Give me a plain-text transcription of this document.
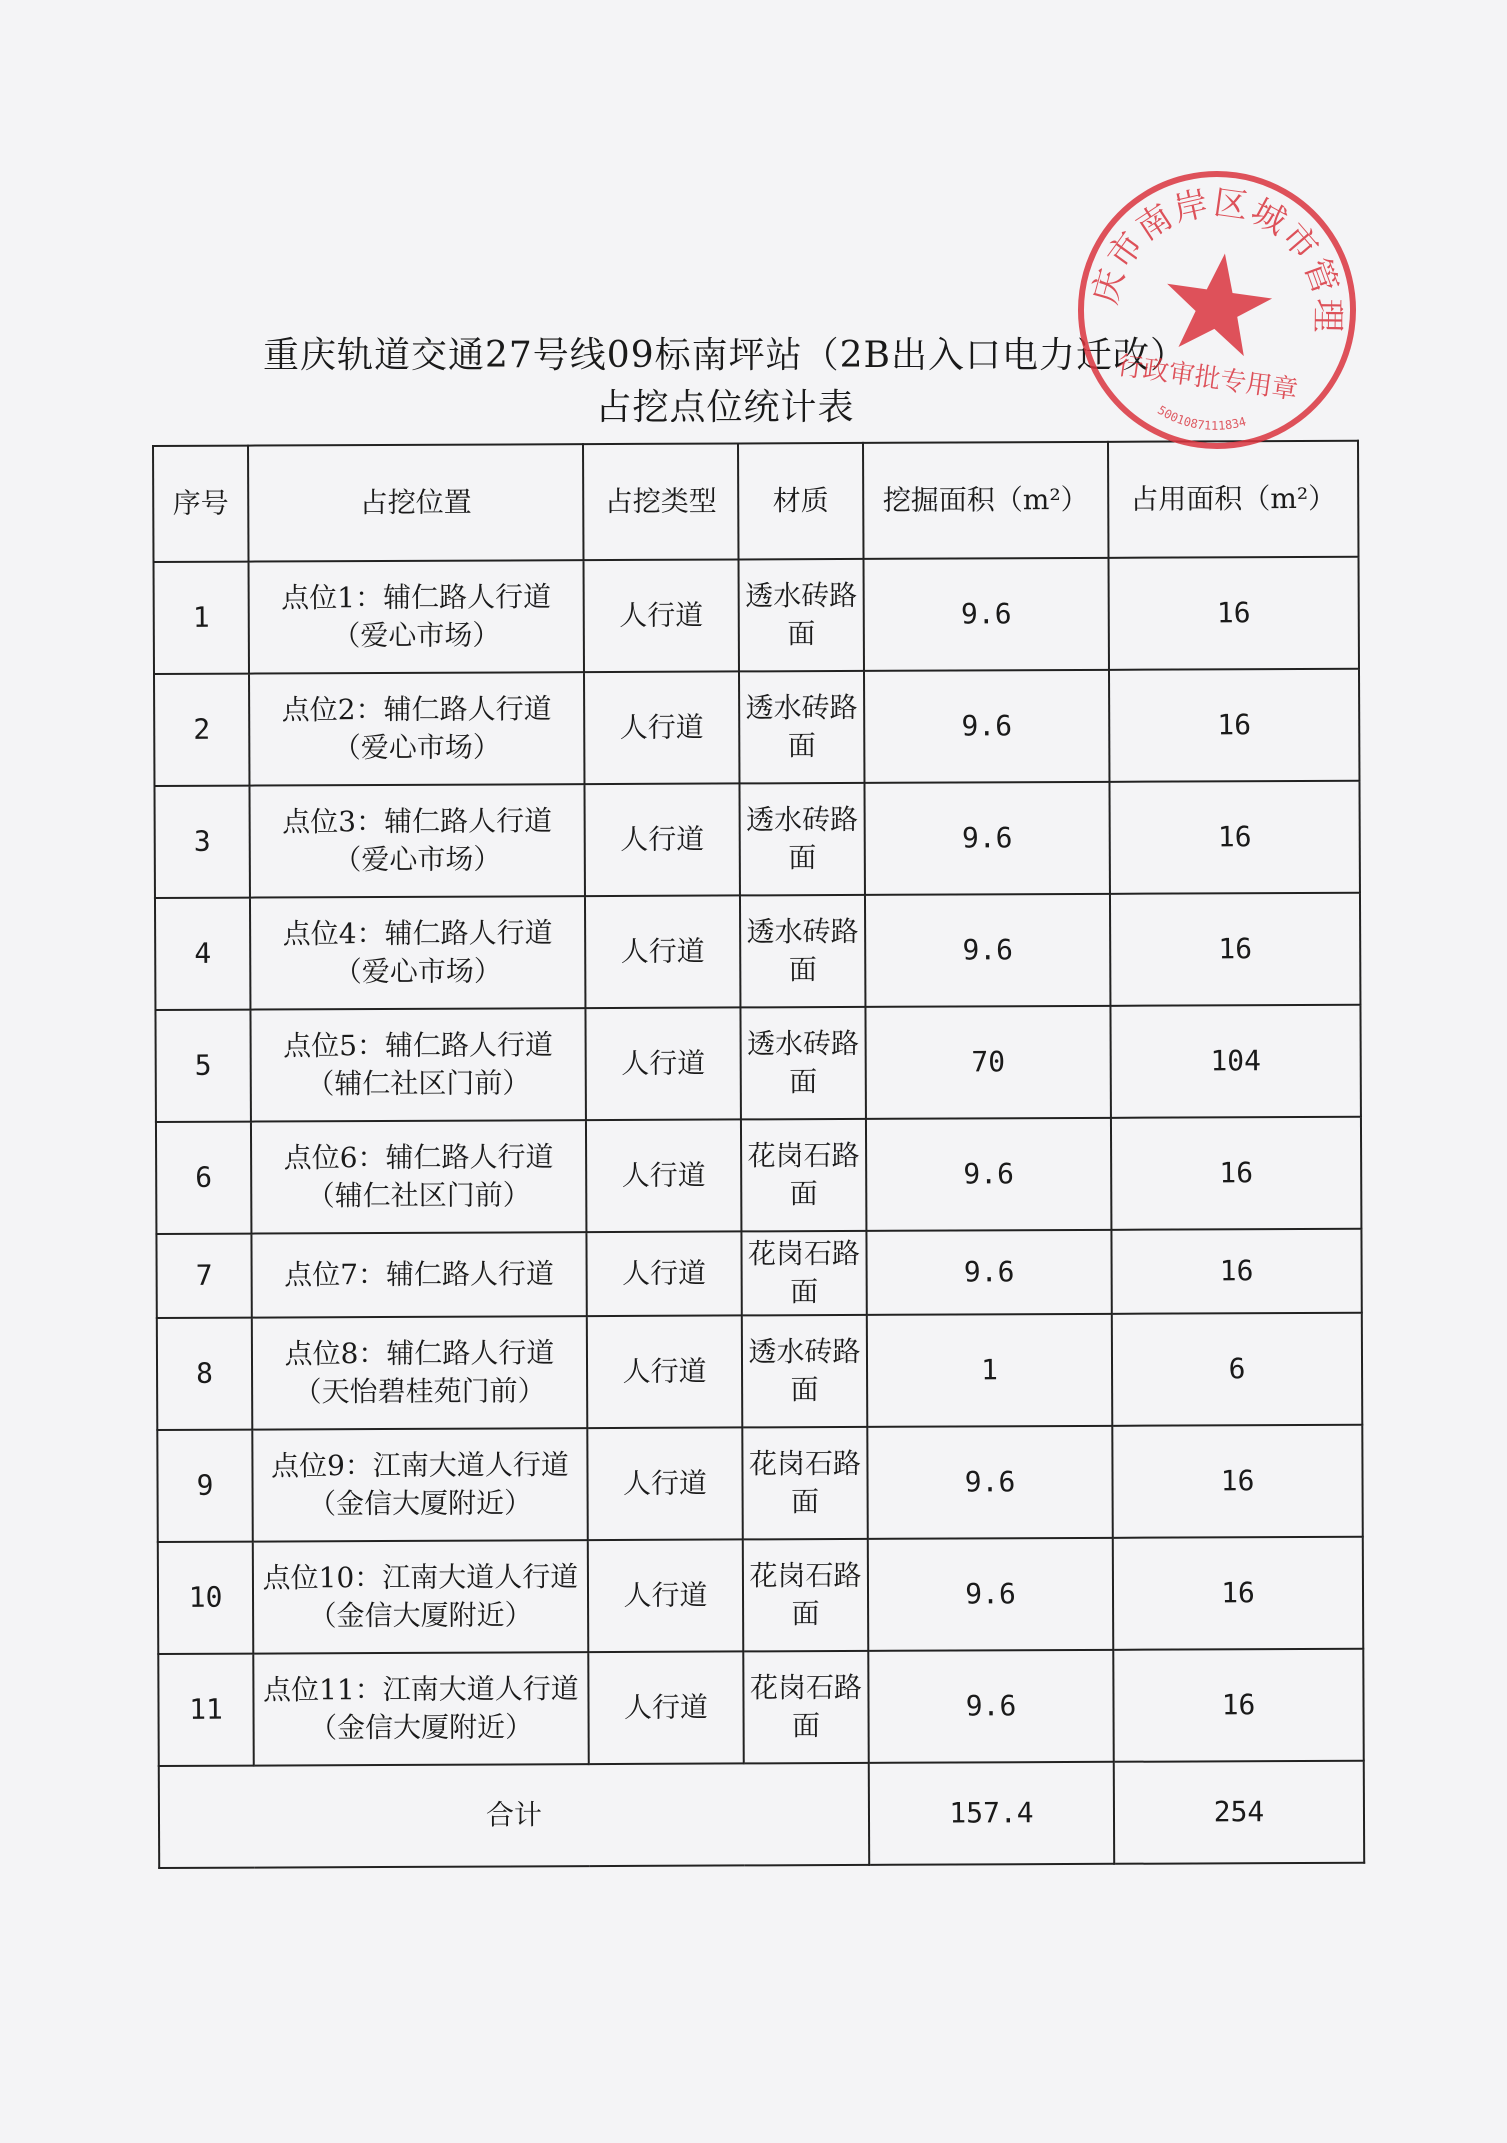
重庆轨道交通27号线09标南坪站（2B出入口电力迁改）
占挖点位统计表
序号	占挖位置	占挖类型	材质	挖掘面积（m²）	占用面积（m²）
1	点位1：辅仁路人行道（爱心市场）	人行道	透水砖路面	9.6	16
2	点位2：辅仁路人行道（爱心市场）	人行道	透水砖路面	9.6	16
3	点位3：辅仁路人行道（爱心市场）	人行道	透水砖路面	9.6	16
4	点位4：辅仁路人行道（爱心市场）	人行道	透水砖路面	9.6	16
5	点位5：辅仁路人行道（辅仁社区门前）	人行道	透水砖路面	70	104
6	点位6：辅仁路人行道（辅仁社区门前）	人行道	花岗石路面	9.6	16
7	点位7：辅仁路人行道	人行道	花岗石路面	9.6	16
8	点位8：辅仁路人行道（天怡碧桂苑门前）	人行道	透水砖路面	1	6
9	点位9：江南大道人行道（金信大厦附近）	人行道	花岗石路面	9.6	16
10	点位10：江南大道人行道（金信大厦附近）	人行道	花岗石路面	9.6	16
11	点位11：江南大道人行道（金信大厦附近）	人行道	花岗石路面	9.6	16
合计				157.4	254
重庆市南岸区城市管理局
行政审批专用章
5001087111834
